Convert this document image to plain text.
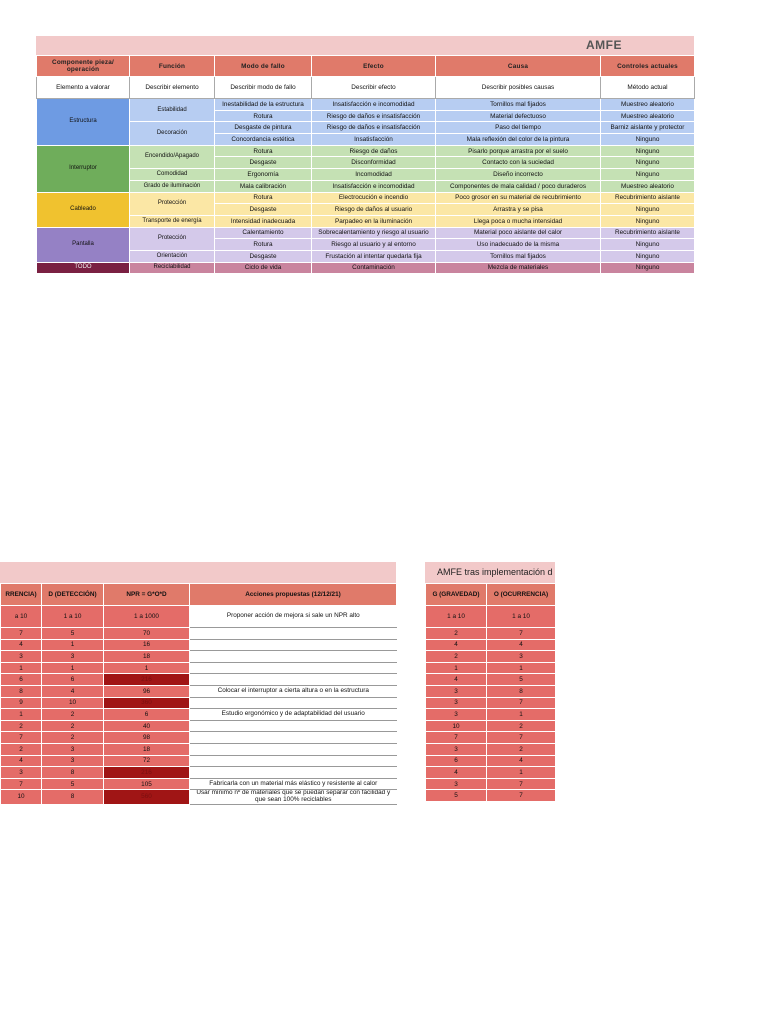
AMFE
Componente pieza/ operación	Función	Modo de fallo	Efecto	Causa	Controles actuales
Elemento a valorar	Describir elemento	Describir modo de fallo	Describir efecto	Describir posibles causas	Método actual
Estructura	Estabilidad	Inestabilidad de la estructura	Insatisfacción e incomodidad	Tornillos mal fijados	Muestreo aleatorio
		Rotura	Riesgo de daños e insatisfacción	Material defectuoso	Muestreo aleatorio
	Decoración	Desgaste de pintura	Riesgo de daños e insatisfacción	Paso del tiempo	Barniz aislante y protector
		Concordancia estética	Insatisfacción	Mala reflexión del color de la pintura	Ninguno
Interruptor	Encendido/Apagado	Rotura	Riesgo de daños	Pisarlo porque arrastra por el suelo	Ninguno
		Desgaste	Disconformidad	Contacto con la suciedad	Ninguno
	Comodidad	Ergonomía	Incomodidad	Diseño incorrecto	Ninguno
	Grado de iluminación	Mala calibración	Insatisfacción e incomodidad	Componentes de mala calidad / poco duraderos	Muestreo aleatorio
Cableado	Protección	Rotura	Electrocución e incendio	Poco grosor en su material de recubrimiento	Recubrimiento aislante
		Desgaste	Riesgo de daños al usuario	Arrastra y se pisa	Ninguno
	Transporte de energía	Intensidad inadecuada	Parpadeo en la iluminación	Llega poca o mucha intensidad	Ninguno
Pantalla	Protección	Calentamiento	Sobrecalentamiento y riesgo al usuario	Material poco aislante del calor	Recubrimiento aislante
		Rotura	Riesgo al usuario y al entorno	Uso inadecuado de la misma	Ninguno
	Orientación	Desgaste	Frustación al intentar quedarla fija	Tornillos mal fijados	Ninguno
TODO	Reciclabilidad	Ciclo de vida	Contaminación	Mezcla de materiales	Ninguno
RRENCIA)	D (DETECCIÓN)	NPR = G*O*D	Acciones propuestas (12/12/21)
a 10	1 a 10	1 a 1000	Proponer acción de mejora si sale un NPR alto
7	5	70	
4	1	16	
3	3	18	
1	1	1	
6	6	216	
8	4	96	Colocar el interruptor a cierta altura o en la estructura
9	10	360	
1	2	6	Estudio ergonómico y de adaptabilidad del usuario
2	2	40	
7	2	98	
2	3	18	
4	3	72	
3	8	216	
7	5	105	Fabricarla con un material más elástico y resistente al calor
10	8	560	Usar mínimo nº de materiales que se puedan separar con facilidad y que sean 100% reciclables
AMFE tras implementación d
G (GRAVEDAD)	O (OCURRENCIA)
1 a 10	1 a 10
2	7
4	4
2	3
1	1
4	5
3	8
3	7
3	1
10	2
7	7
3	2
6	4
4	1
3	7
5	7
